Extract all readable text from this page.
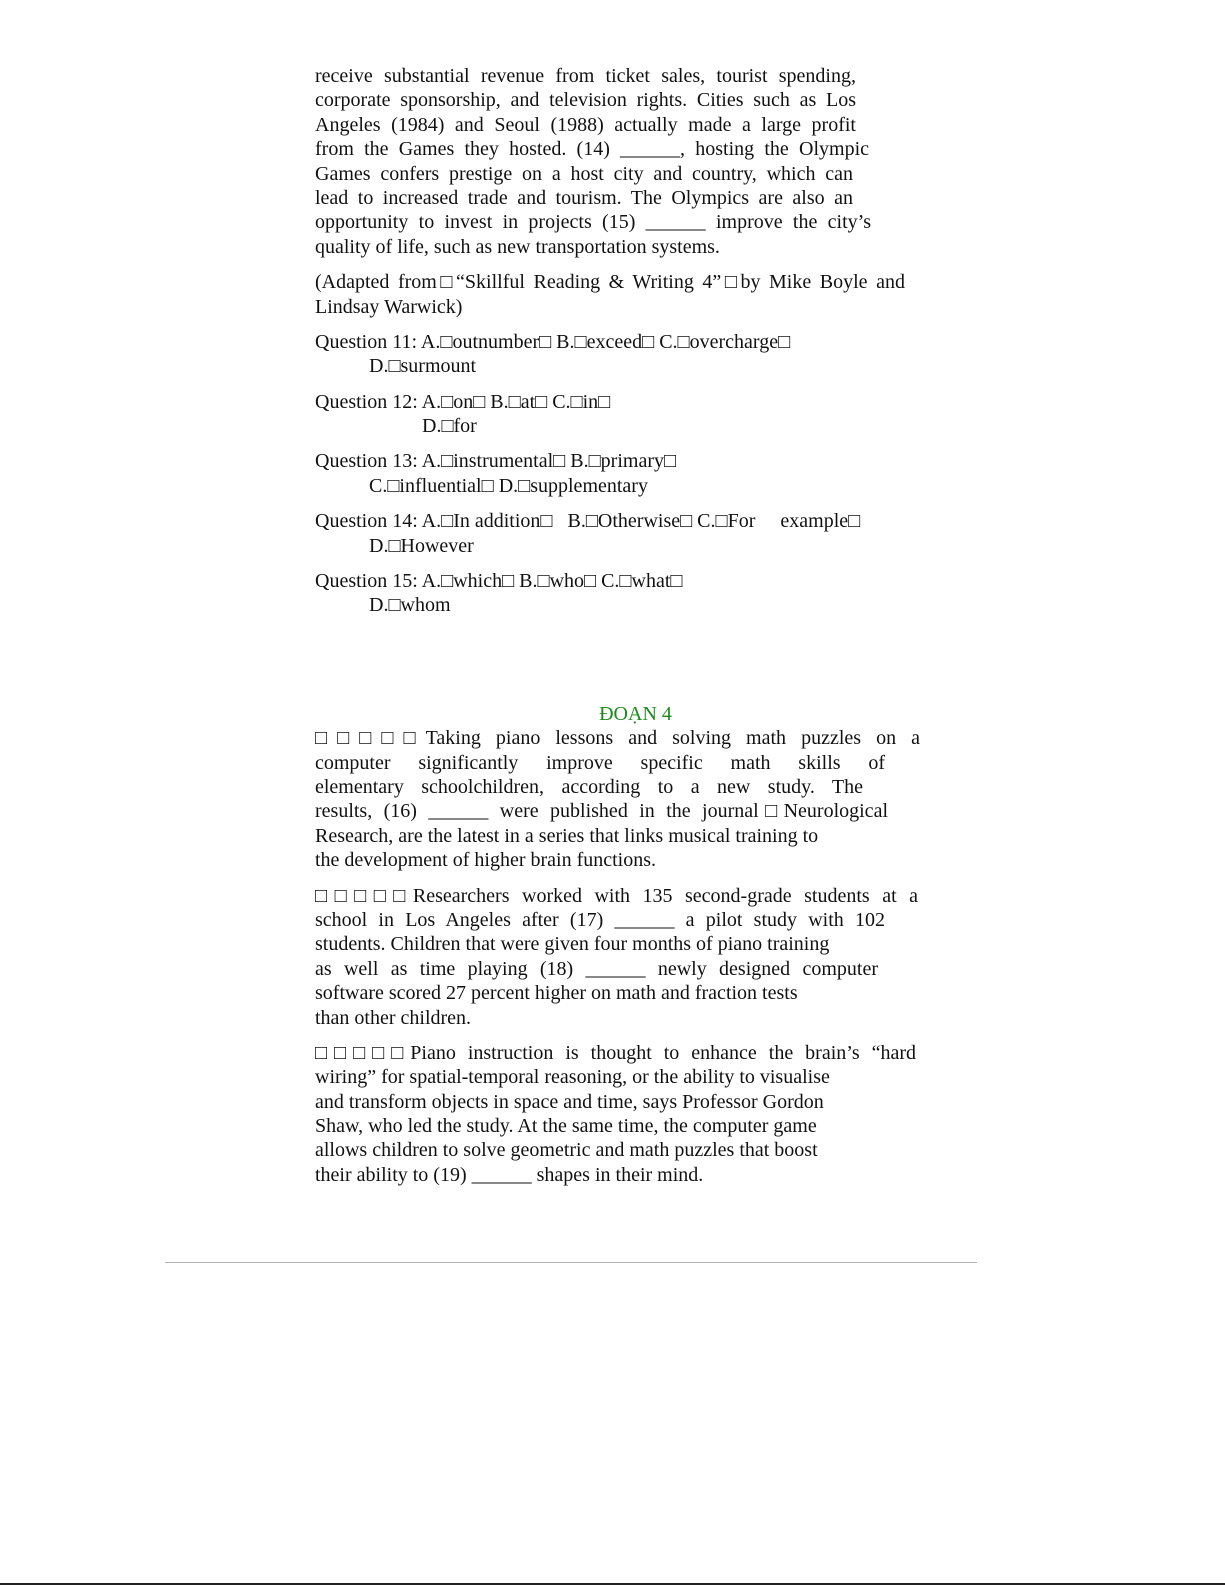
receive substantial revenue from ticket sales, tourist spending,
corporate sponsorship, and television rights. Cities such as Los
Angeles (1984) and Seoul (1988) actually made a large profit
from the Games they hosted. (14) ______, hosting the Olympic
Games confers prestige on a host city and country, which can
lead to increased trade and tourism. The Olympics are also an
opportunity to invest in projects (15) ______ improve the city’s
quality of life, such as new transportation systems.
(Adapted from□“Skillful Reading & Writing 4”□by Mike Boyle and
Lindsay Warwick)
Question 11: A.□outnumber□ B.□exceed□ C.□overcharge□
D.□surmount
Question 12: A.□on□ B.□at□ C.□in□
D.□for
Question 13: A.□instrumental□ B.□primary□
C.□influential□ D.□supplementary
Question 14: A.□In addition□   B.□Otherwise□ C.□For     example□
D.□However
Question 15: A.□which□ B.□who□ C.□what□
D.□whom
ĐOẠN 4
□□□□□Taking piano lessons and solving math puzzles on a
computer significantly improve specific math skills of
elementary schoolchildren, according to a new study. The
results, (16) ______ were published in the journal□Neurological
Research, are the latest in a series that links musical training to
the development of higher brain functions.
□□□□□Researchers worked with 135 second-grade students at a
school in Los Angeles after (17) ______ a pilot study with 102
students. Children that were given four months of piano training
as well as time playing (18) ______ newly designed computer
software scored 27 percent higher on math and fraction tests
than other children.
□□□□□Piano instruction is thought to enhance the brain’s “hard
wiring” for spatial-temporal reasoning, or the ability to visualise
and transform objects in space and time, says Professor Gordon
Shaw, who led the study. At the same time, the computer game
allows children to solve geometric and math puzzles that boost
their ability to (19) ______ shapes in their mind.
